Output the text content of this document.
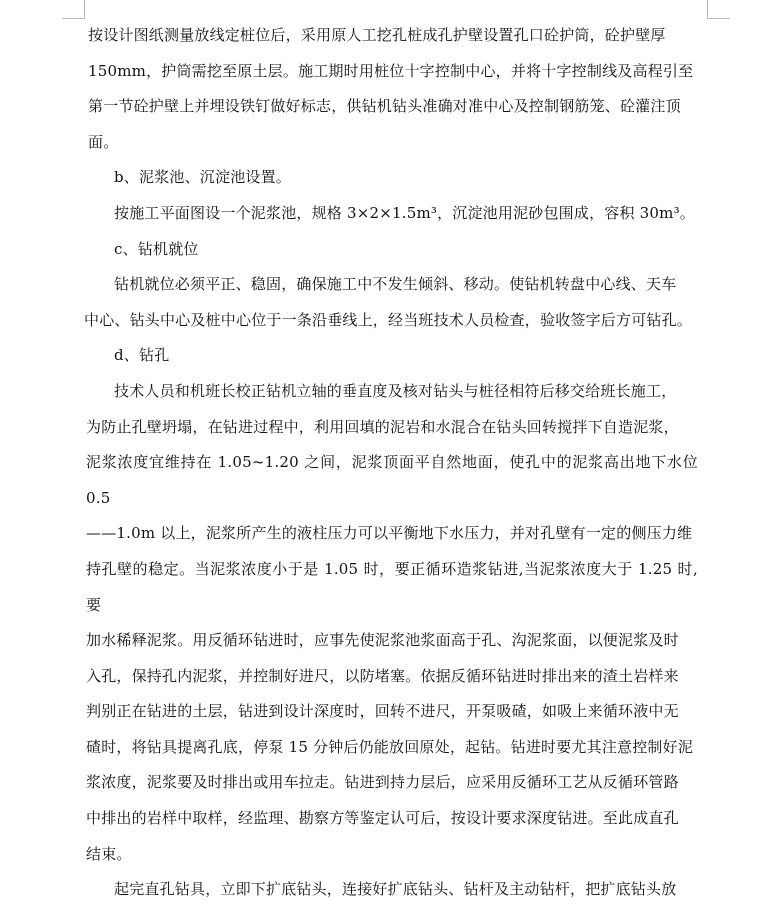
按设计图纸测量放线定桩位后，采用原人工挖孔桩成孔护壁设置孔口砼护筒，砼护壁厚
150mm，护筒需挖至原土层。施工期时用桩位十字控制中心，并将十字控制线及高程引至
第一节砼护壁上并埋设铁钉做好标志，供钻机钻头准确对准中心及控制钢筋笼、砼灌注顶
面。
b、泥浆池、沉淀池设置。
按施工平面图设一个泥浆池，规格 3×2×1.5m³，沉淀池用泥砂包围成，容积 30m³。
c、钻机就位
钻机就位必须平正、稳固，确保施工中不发生倾斜、移动。使钻机转盘中心线、天车
中心、钻头中心及桩中心位于一条沿垂线上，经当班技术人员检查，验收签字后方可钻孔。
d、钻孔
技术人员和机班长校正钻机立轴的垂直度及核对钻头与桩径相符后移交给班长施工，
为防止孔壁坍塌，在钻进过程中，利用回填的泥岩和水混合在钻头回转搅拌下自造泥浆，
泥浆浓度宜维持在 1.05~1.20 之间，泥浆顶面平自然地面，使孔中的泥浆高出地下水位 0.5
——1.0m 以上，泥浆所产生的液柱压力可以平衡地下水压力，并对孔壁有一定的侧压力维
持孔壁的稳定。当泥浆浓度小于是 1.05 时，要正循环造浆钻进,当泥浆浓度大于 1.25 时,要
加水稀释泥浆。用反循环钻进时，应事先使泥浆池浆面高于孔、沟泥浆面，以便泥浆及时
入孔，保持孔内泥浆，并控制好进尺，以防堵塞。依据反循环钻进时排出来的渣土岩样来
判别正在钻进的土层，钻进到设计深度时，回转不进尺，开泵吸碴，如吸上来循环液中无
碴时，将钻具提离孔底，停泵 15 分钟后仍能放回原处，起钻。钻进时要尤其注意控制好泥
浆浓度，泥浆要及时排出或用车拉走。钻进到持力层后，应采用反循环工艺从反循环管路
中排出的岩样中取样，经监理、勘察方等鉴定认可后，按设计要求深度钻进。至此成直孔
结束。
起完直孔钻具，立即下扩底钻头，连接好扩底钻头、钻杆及主动钻杆，把扩底钻头放
